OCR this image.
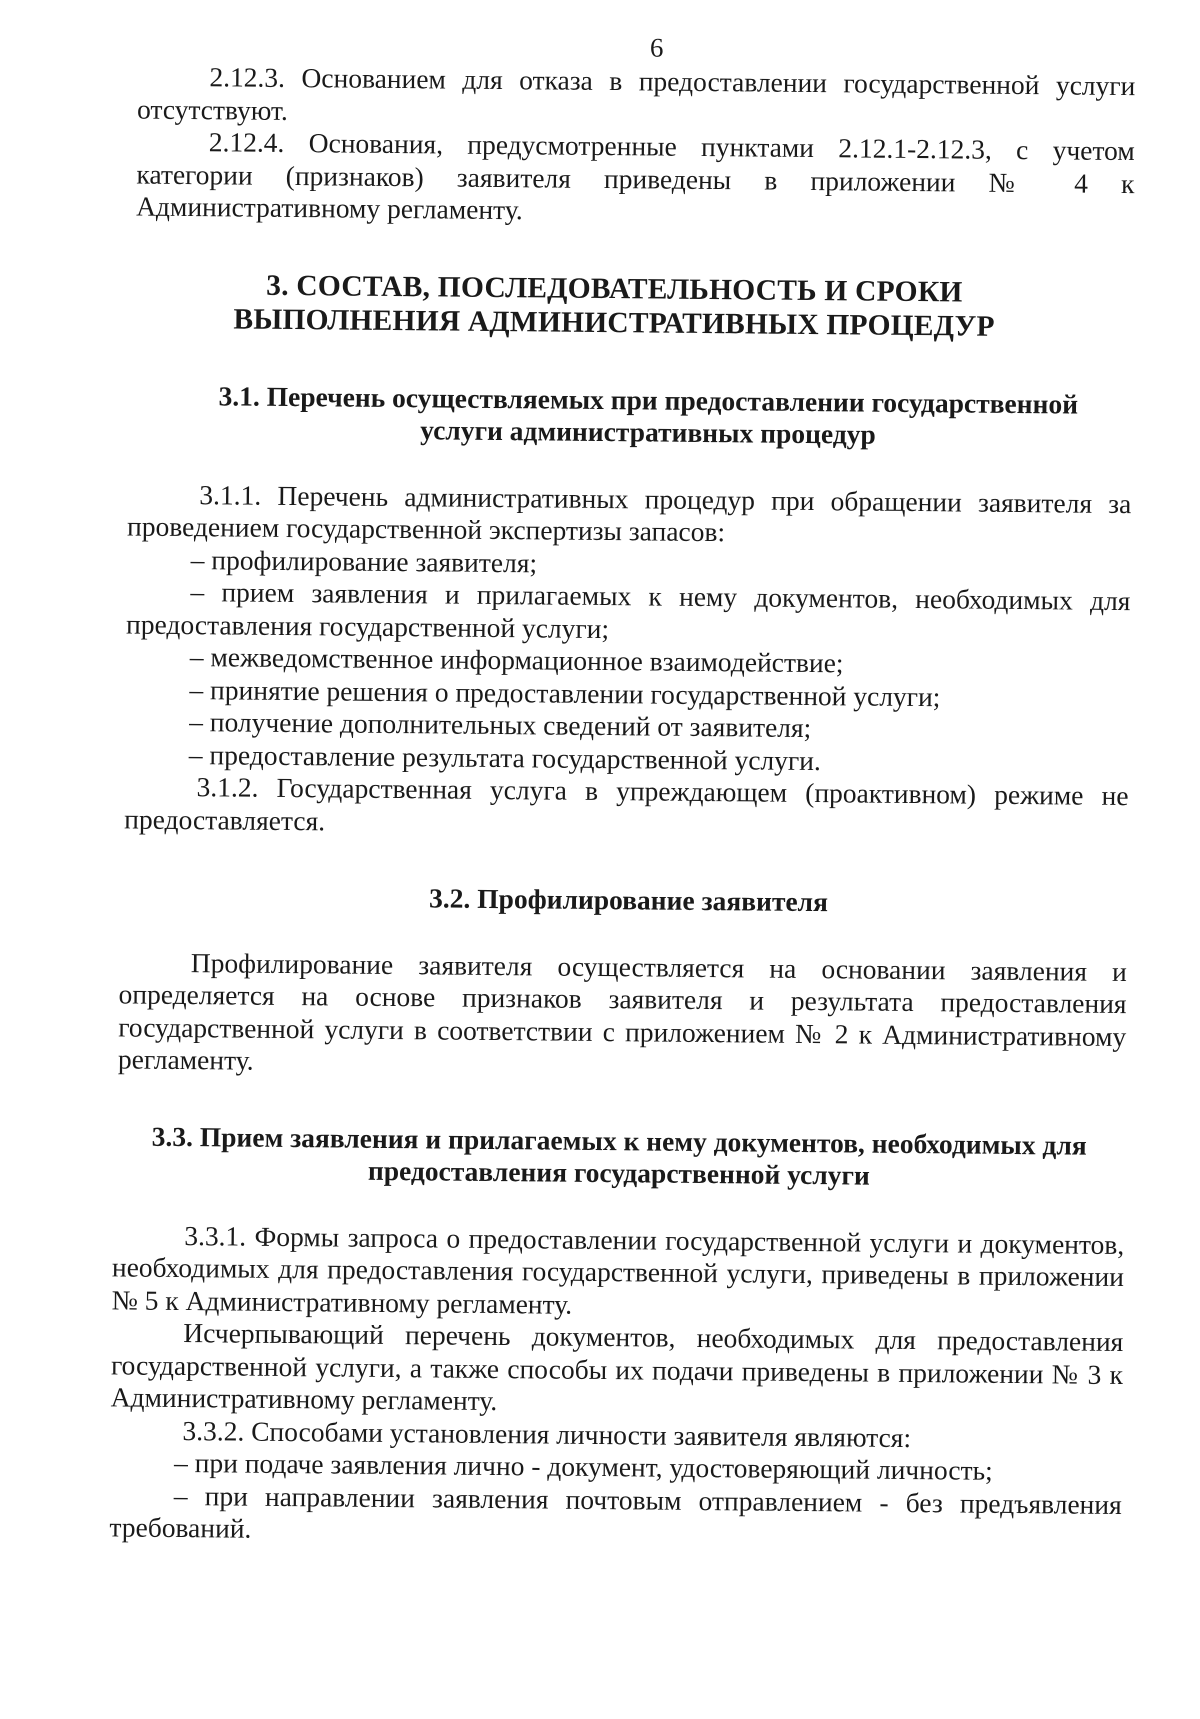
6

2.12.3. Основанием для отказа в предоставлении государственной услуги отсутствуют.

2.12.4. Основания, предусмотренные пунктами 2.12.1-2.12.3, с учетом категории (признаков) заявителя приведены в приложении № 4 к Административному регламенту.

3. СОСТАВ, ПОСЛЕДОВАТЕЛЬНОСТЬ И СРОКИ ВЫПОЛНЕНИЯ АДМИНИСТРАТИВНЫХ ПРОЦЕДУР
3.1. Перечень осуществляемых при предоставлении государственной услуги административных процедур

3.1.1. Перечень административных процедур при обращении заявителя за проведением государственной экспертизы запасов:

– профилирование заявителя;

– прием заявления и прилагаемых к нему документов, необходимых для предоставления государственной услуги;

– межведомственное информационное взаимодействие;

– принятие решения о предоставлении государственной услуги;

– получение дополнительных сведений от заявителя;

– предоставление результата государственной услуги.

3.1.2. Государственная услуга в упреждающем (проактивном) режиме не предоставляется.

3.2. Профилирование заявителя

Профилирование заявителя осуществляется на основании заявления и определяется на основе признаков заявителя и результата предоставления государственной услуги в соответствии с приложением № 2 к Административному регламенту.

3.3. Прием заявления и прилагаемых к нему документов, необходимых для предоставления государственной услуги

3.3.1. Формы запроса о предоставлении государственной услуги и документов, необходимых для предоставления государственной услуги, приведены в приложении № 5 к Административному регламенту.

Исчерпывающий перечень документов, необходимых для предоставления государственной услуги, а также способы их подачи приведены в приложении № 3 к Административному регламенту.

3.3.2. Способами установления личности заявителя являются:

– при подаче заявления лично - документ, удостоверяющий личность;

– при направлении заявления почтовым отправлением - без предъявления требований.
